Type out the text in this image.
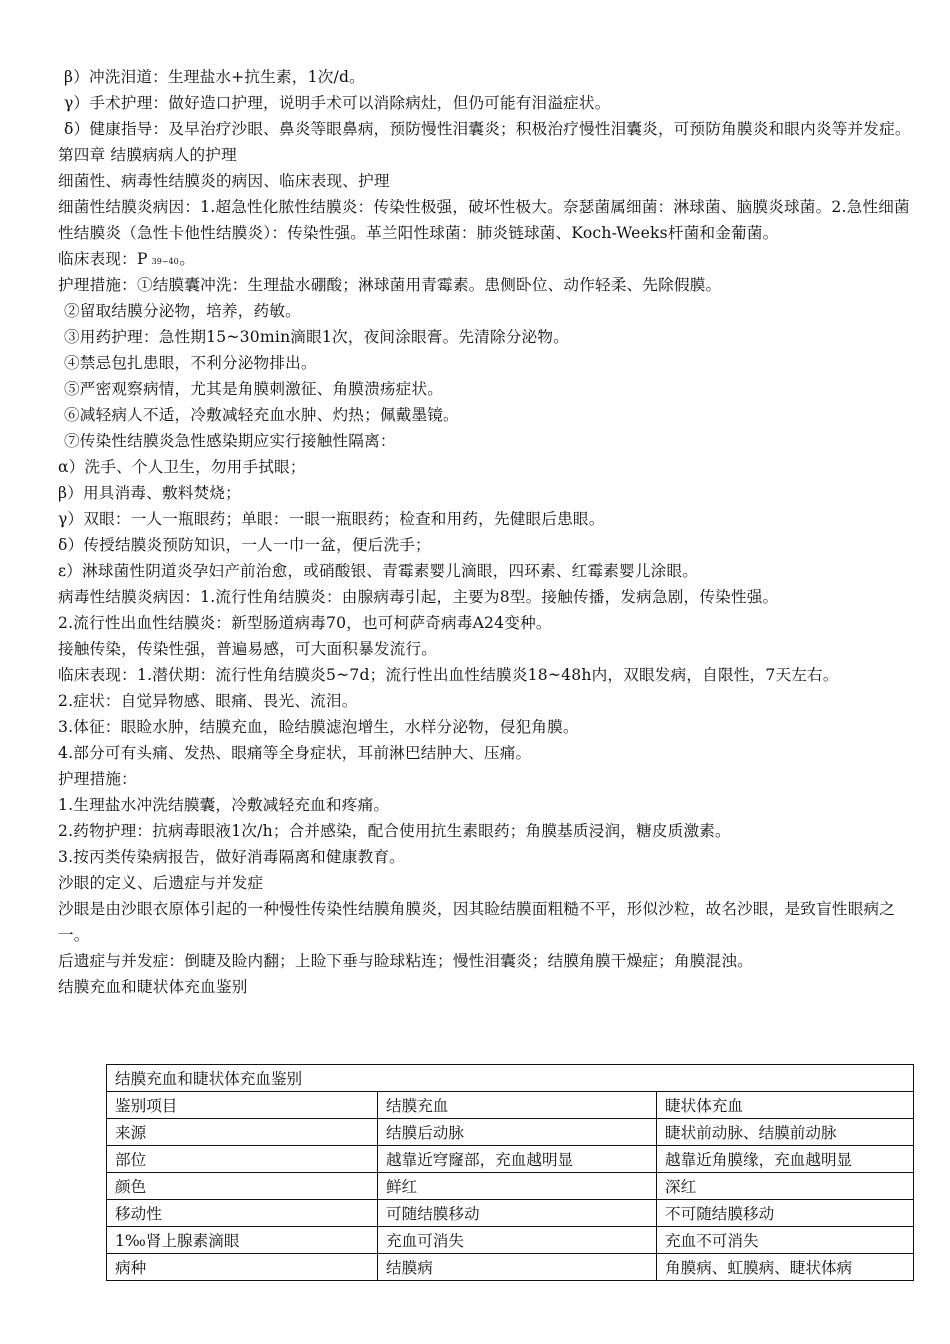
β）冲洗泪道：生理盐水+抗生素，1次/d。
γ）手术护理：做好造口护理，说明手术可以消除病灶，但仍可能有泪溢症状。
δ）健康指导：及早治疗沙眼、鼻炎等眼鼻病，预防慢性泪囊炎；积极治疗慢性泪囊炎，可预防角膜炎和眼内炎等并发症。
第四章 结膜病病人的护理
细菌性、病毒性结膜炎的病因、临床表现、护理
细菌性结膜炎病因：1.超急性化脓性结膜炎：传染性极强，破坏性极大。奈瑟菌属细菌：淋球菌、脑膜炎球菌。2.急性细菌性结膜炎（急性卡他性结膜炎）：传染性强。革兰阳性球菌：肺炎链球菌、Koch-Weeks杆菌和金葡菌。
临床表现：P 39~40
   。
护理措施：①结膜囊冲洗：生理盐水硼酸；淋球菌用青霉素。患侧卧位、动作轻柔、先除假膜。
②留取结膜分泌物，培养，药敏。
③用药护理：急性期15~30min滴眼1次，夜间涂眼膏。先清除分泌物。
④禁忌包扎患眼，不利分泌物排出。
⑤严密观察病情，尤其是角膜刺激征、角膜溃疡症状。
⑥减轻病人不适，冷敷减轻充血水肿、灼热；佩戴墨镜。
⑦传染性结膜炎急性感染期应实行接触性隔离：
α）洗手、个人卫生，勿用手拭眼；
β）用具消毒、敷料焚烧；
γ）双眼：一人一瓶眼药；单眼：一眼一瓶眼药；检查和用药，先健眼后患眼。
δ）传授结膜炎预防知识，一人一巾一盆，便后洗手；
ε）淋球菌性阴道炎孕妇产前治愈，或硝酸银、青霉素婴儿滴眼，四环素、红霉素婴儿涂眼。
病毒性结膜炎病因：1.流行性角结膜炎：由腺病毒引起，主要为8型。接触传播，发病急剧，传染性强。
2.流行性出血性结膜炎：新型肠道病毒70，也可柯萨奇病毒A24变种。
接触传染，传染性强，普遍易感，可大面积暴发流行。
临床表现：1.潜伏期：流行性角结膜炎5~7d；流行性出血性结膜炎18~48h内，双眼发病，自限性，7天左右。
2.症状：自觉异物感、眼痛、畏光、流泪。
3.体征：眼睑水肿，结膜充血，睑结膜滤泡增生，水样分泌物，侵犯角膜。
4.部分可有头痛、发热、眼痛等全身症状，耳前淋巴结肿大、压痛。
护理措施：
1.生理盐水冲洗结膜囊，冷敷减轻充血和疼痛。
2.药物护理：抗病毒眼液1次/h；合并感染，配合使用抗生素眼药；角膜基质浸润，糖皮质激素。
3.按丙类传染病报告，做好消毒隔离和健康教育。
沙眼的定义、后遗症与并发症
沙眼是由沙眼衣原体引起的一种慢性传染性结膜角膜炎，因其睑结膜面粗糙不平，形似沙粒，故名沙眼，是致盲性眼病之一。
后遗症与并发症：倒睫及睑内翻；上睑下垂与睑球粘连；慢性泪囊炎；结膜角膜干燥症；角膜混浊。
结膜充血和睫状体充血鉴别
结膜充血和睫状体充血鉴别		
鉴别项目	结膜充血	睫状体充血
来源	结膜后动脉	睫状前动脉、结膜前动脉
部位	越靠近穹窿部，充血越明显	越靠近角膜缘，充血越明显
颜色	鲜红	深红
移动性	可随结膜移动	不可随结膜移动
1‰肾上腺素滴眼	充血可消失	充血不可消失
病种	结膜病	角膜病、虹膜病、睫状体病
